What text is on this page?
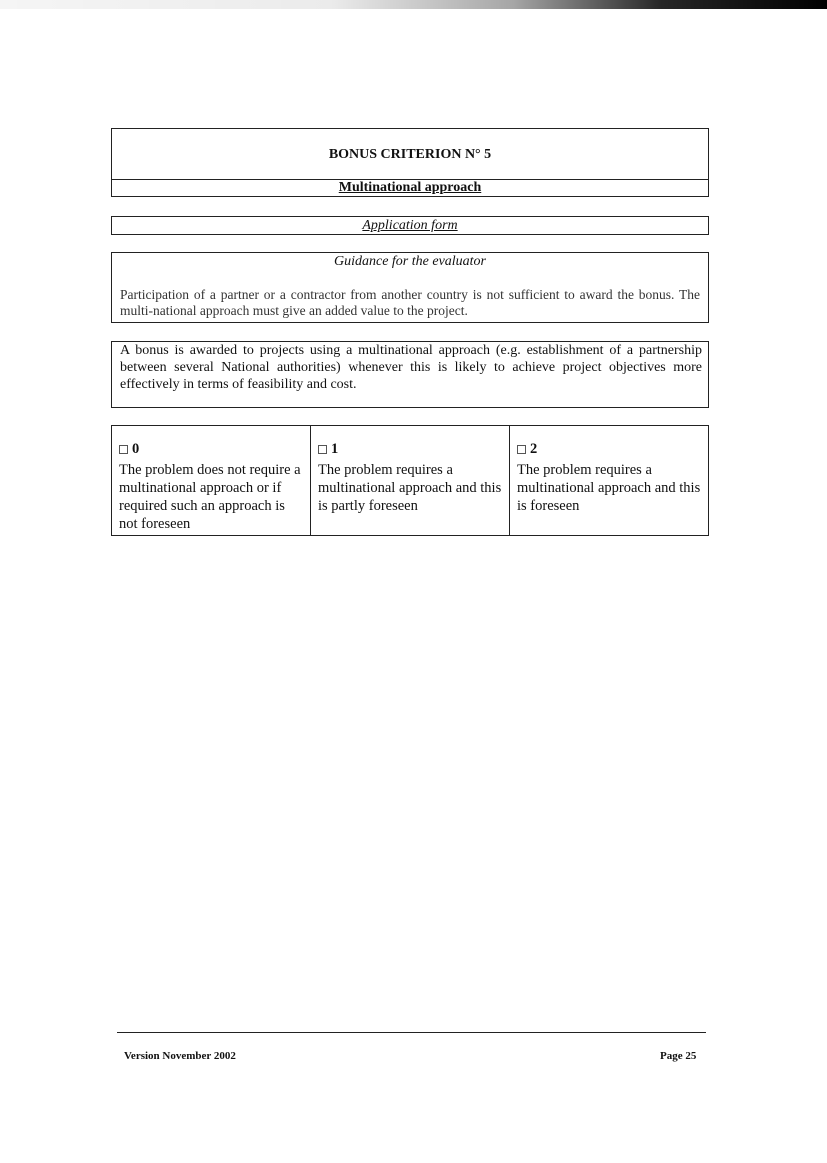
BONUS CRITERION N° 5
Multinational approach
Application form
Guidance for the evaluator
Participation of a partner or a contractor from another country is not sufficient to award the bonus. The multi-national approach must give an added value to the project.
A bonus is awarded to projects using a multinational approach (e.g. establishment of a partnership between several National authorities) whenever this is likely to achieve project objectives more effectively in terms of feasibility and cost.
0
The problem does not require a multinational approach or if required such an approach is not foreseen
1
The problem requires a multinational approach and this is partly foreseen
2
The problem requires a multinational approach and this is foreseen
Version November 2002	Page 25
